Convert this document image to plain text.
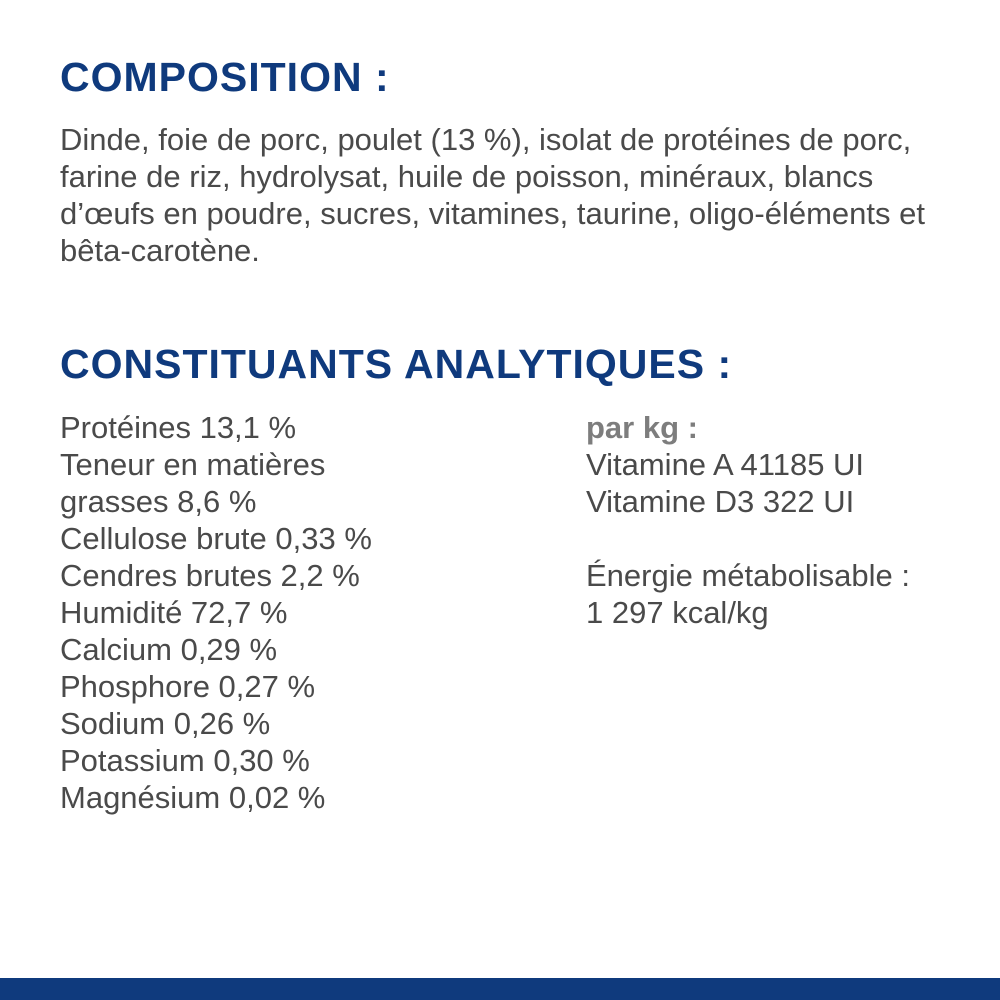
COMPOSITION :

Dinde, foie de porc, poulet (13 %), isolat de protéines de porc, farine de riz, hydrolysat, huile de poisson, minéraux, blancs d’œufs en poudre, sucres, vitamines, taurine, oligo-éléments et bêta-carotène.

CONSTITUANTS ANALYTIQUES :
Protéines 13,1 %
Teneur en matières
grasses 8,6 %
Cellulose brute 0,33 %
Cendres brutes 2,2 %
Humidité 72,7 %
Calcium 0,29 %
Phosphore 0,27 %
Sodium 0,26 %
Potassium 0,30 %
Magnésium 0,02 %
par kg :
Vitamine A 41185 UI
Vitamine D3 322 UI
Énergie métabolisable :
1 297 kcal/kg
